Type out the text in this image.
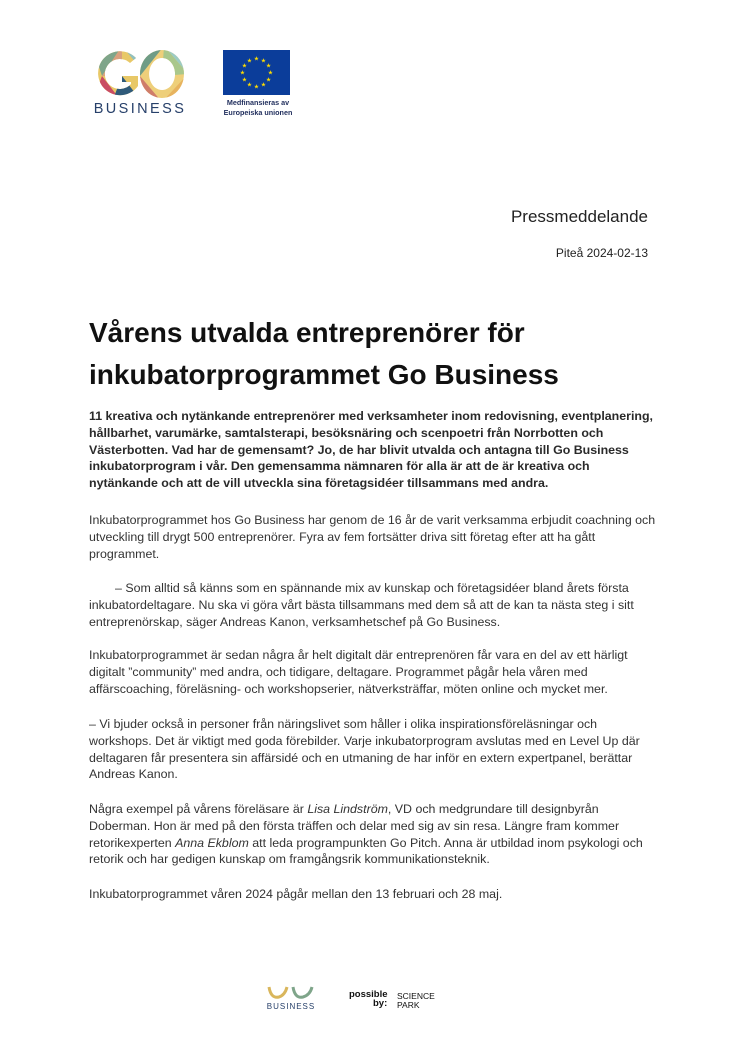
BUSINESS
★ ★
★
★
★
★
★
★
★
★
★
★
Medfinansieras av
Europeiska unionen
Pressmeddelande
Piteå 2024-02-13
Vårens utvalda entreprenörer för inkubatorprogrammet Go Business

11 kreativa och nytänkande entreprenörer med verksamheter inom redovisning, eventplanering, hållbarhet, varumärke, samtalsterapi, besöksnäring och scenpoetri från Norrbotten och Västerbotten. Vad har de gemensamt? Jo, de har blivit utvalda och antagna till Go Business inkubatorprogram i vår. Den gemensamma nämnaren för alla är att de är kreativa och nytänkande och att de vill utveckla sina företagsidéer tillsammans med andra.

Inkubatorprogrammet hos Go Business har genom de 16 år de varit verksamma erbjudit coachning och utveckling till drygt 500 entreprenörer. Fyra av fem fortsätter driva sitt företag efter att ha gått programmet.

– Som alltid så känns som en spännande mix av kunskap och företagsidéer bland årets första inkubatordeltagare. Nu ska vi göra vårt bästa tillsammans med dem så att de kan ta nästa steg i sitt entreprenörskap, säger Andreas Kanon, verksamhetschef på Go Business.

Inkubatorprogrammet är sedan några år helt digitalt där entreprenören får vara en del av ett härligt digitalt ”community” med andra, och tidigare, deltagare. Programmet pågår hela våren med affärscoaching, föreläsning- och workshopserier, nätverksträffar, möten online och mycket mer.

– Vi bjuder också in personer från näringslivet som håller i olika inspirationsföreläsningar och workshops. Det är viktigt med goda förebilder. Varje inkubatorprogram avslutas med en Level Up där deltagaren får presentera sin affärsidé och en utmaning de har inför en extern expertpanel, berättar Andreas Kanon.

Några exempel på vårens föreläsare är Lisa Lindström, VD och medgrundare till designbyrån Doberman. Hon är med på den första träffen och delar med sig av sin resa. Längre fram kommer retorikexperten Anna Ekblom att leda programpunkten Go Pitch. Anna är utbildad inom psykologi och retorik och har gedigen kunskap om framgångsrik kommunikationsteknik.

Inkubatorprogrammet våren 2024 pågår mellan den 13 februari och 28 maj.

BUSINESS
possible
by:
SCIENCE
PARK
